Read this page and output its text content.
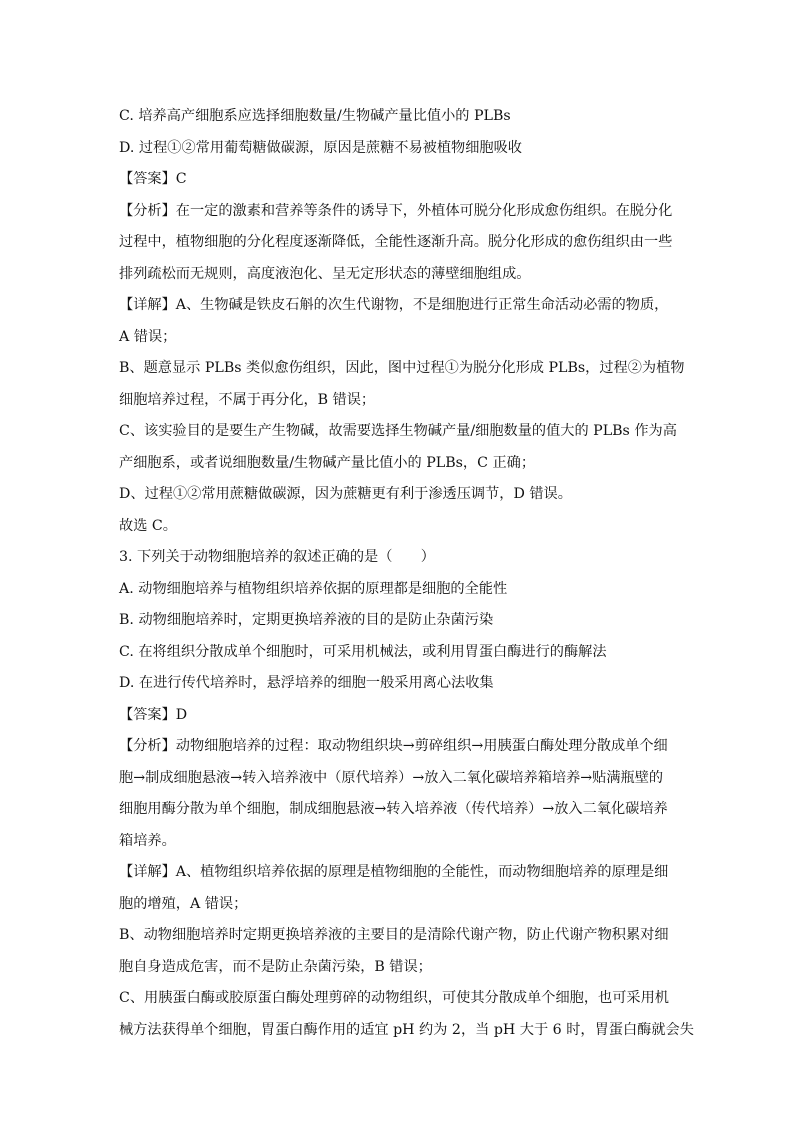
C. 培养高产细胞系应选择细胞数量/生物碱产量比值小的 PLBs
D. 过程①②常用葡萄糖做碳源，原因是蔗糖不易被植物细胞吸收
【答案】C
【分析】在一定的激素和营养等条件的诱导下，外植体可脱分化形成愈伤组织。在脱分化
过程中，植物细胞的分化程度逐渐降低，全能性逐渐升高。脱分化形成的愈伤组织由一些
排列疏松而无规则，高度液泡化、呈无定形状态的薄壁细胞组成。
【详解】A、生物碱是铁皮石斛的次生代谢物，不是细胞进行正常生命活动必需的物质，
A 错误；
B、题意显示 PLBs 类似愈伤组织，因此，图中过程①为脱分化形成 PLBs，过程②为植物
细胞培养过程，不属于再分化，B 错误；
C、该实验目的是要生产生物碱，故需要选择生物碱产量/细胞数量的值大的 PLBs 作为高
产细胞系，或者说细胞数量/生物碱产量比值小的 PLBs，C 正确；
D、过程①②常用蔗糖做碳源，因为蔗糖更有利于渗透压调节，D 错误。
故选 C。
3. 下列关于动物细胞培养的叙述正确的是（　　）
A. 动物细胞培养与植物组织培养依据的原理都是细胞的全能性
B. 动物细胞培养时，定期更换培养液的目的是防止杂菌污染
C. 在将组织分散成单个细胞时，可采用机械法，或利用胃蛋白酶进行的酶解法
D. 在进行传代培养时，悬浮培养的细胞一般采用离心法收集
【答案】D
【分析】动物细胞培养的过程：取动物组织块→剪碎组织→用胰蛋白酶处理分散成单个细
胞→制成细胞悬液→转入培养液中（原代培养）→放入二氧化碳培养箱培养→贴满瓶壁的
细胞用酶分散为单个细胞，制成细胞悬液→转入培养液（传代培养）→放入二氧化碳培养
箱培养。
【详解】A、植物组织培养依据的原理是植物细胞的全能性，而动物细胞培养的原理是细
胞的增殖，A 错误；
B、动物细胞培养时定期更换培养液的主要目的是清除代谢产物，防止代谢产物积累对细
胞自身造成危害，而不是防止杂菌污染，B 错误；
C、用胰蛋白酶或胶原蛋白酶处理剪碎的动物组织，可使其分散成单个细胞，也可采用机
械方法获得单个细胞，胃蛋白酶作用的适宜 pH 约为 2，当 pH 大于 6 时，胃蛋白酶就会失
